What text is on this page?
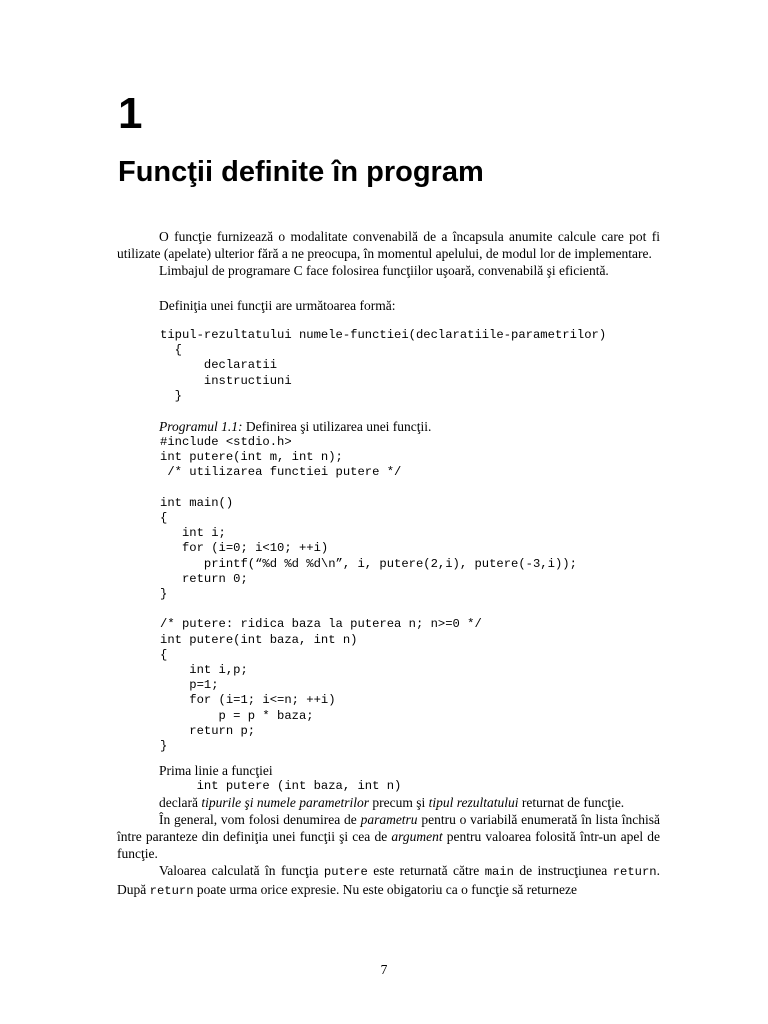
1
Funcţii definite în program

O funcţie furnizează o modalitate convenabilă de a încapsula anumite calcule care pot fi utilizate (apelate) ulterior fără a ne preocupa, în momentul apelului, de modul lor de implementare.

Limbajul de programare C face folosirea funcţiilor uşoară, convenabilă şi eficientă.

Definiţia unei funcţii are următoarea formă:

tipul-rezultatului numele-functiei(declaratiile-parametrilor)
{
declaratii
instructiuni
}

Programul 1.1: Definirea şi utilizarea unei funcţii.

#include <stdio.h>
int putere(int m, int n);
/* utilizarea functiei putere */

int main()
{
int i;
for (i=0; i<10; ++i)
printf(“%d %d %d\n”, i, putere(2,i), putere(-3,i));
return 0;
}

/* putere: ridica baza la puterea n; n>=0 */
int putere(int baza, int n)
{
int i,p;
p=1;
for (i=1; i<=n; ++i)
p = p * baza;
return p;
}

Prima linie a funcţiei

int putere (int baza, int n)

declară tipurile şi numele parametrilor precum şi tipul rezultatului returnat de funcţie.

În general, vom folosi denumirea de parametru pentru o variabilă enumerată în lista închisă între paranteze din definiţia unei funcţii şi cea de argument pentru valoarea folosită într-un apel de funcţie.

Valoarea calculată în funcţia putere este returnată către main de instrucţiunea return. După return poate urma orice expresie. Nu este obigatoriu ca o funcţie să returneze

7
